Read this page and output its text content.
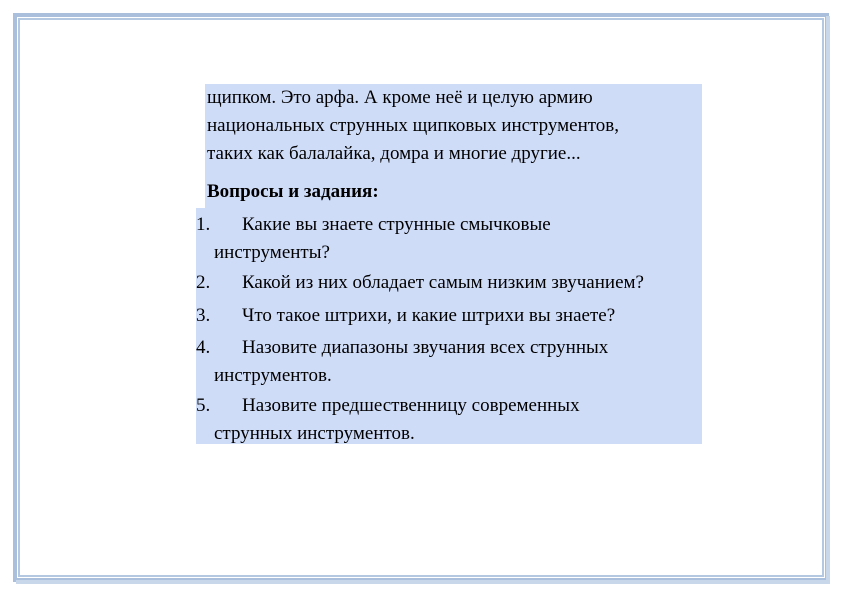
щипком. Это арфа. А кроме неё и целую армию
национальных струнных щипковых инструментов,
таких как балалайка, домра и многие другие...
Вопросы и задания:
1. Какие вы знаете струнные смычковые
инструменты?
2. Какой из них обладает самым низким звучанием?
3. Что такое штрихи, и какие штрихи вы знаете?
4. Назовите диапазоны звучания всех струнных
инструментов.
5. Назовите предшественницу современных
струнных инструментов.
